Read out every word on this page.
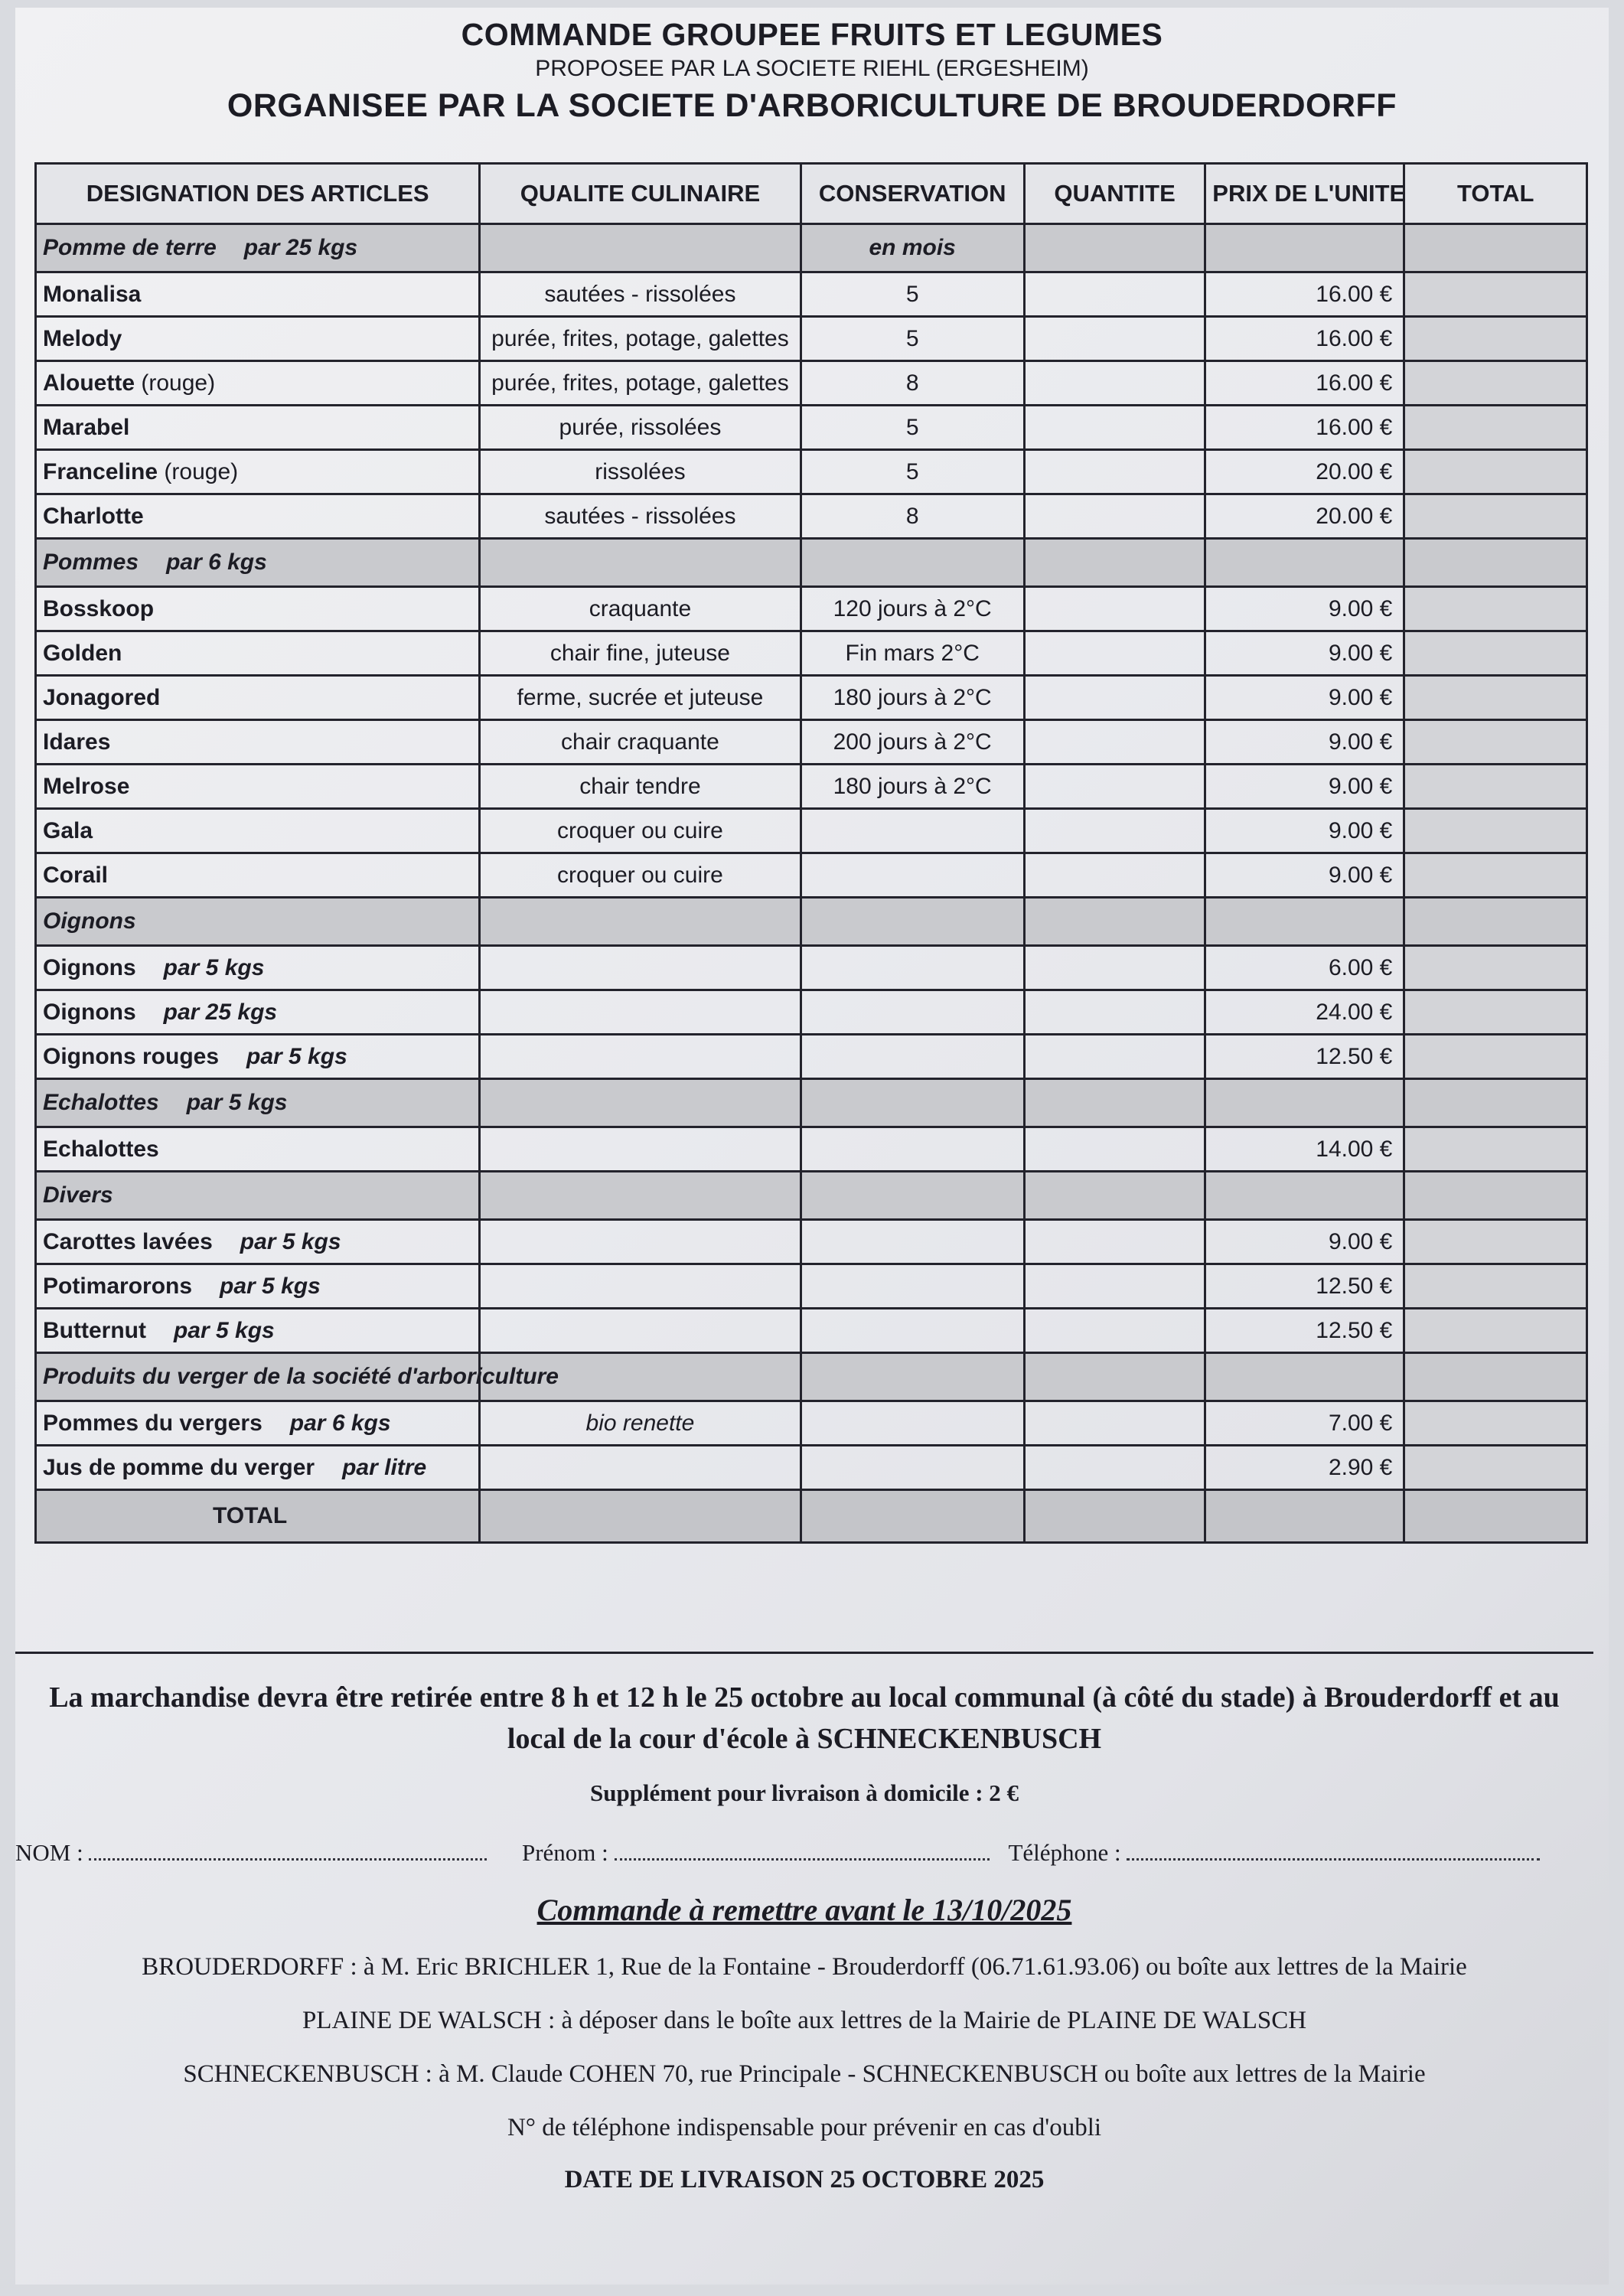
COMMANDE GROUPEE FRUITS ET LEGUMES
PROPOSEE PAR LA SOCIETE RIEHL (ERGESHEIM)
ORGANISEE PAR LA SOCIETE D'ARBORICULTURE DE BROUDERDORFF
DESIGNATION DES ARTICLES	QUALITE CULINAIRE	CONSERVATION	QUANTITE	PRIX DE L'UNITE	TOTAL
Pomme de terre par 25 kgs		en mois			
Monalisa	sautées - rissolées	5		16.00 €	
Melody	purée, frites, potage, galettes	5		16.00 €	
Alouette (rouge)	purée, frites, potage, galettes	8		16.00 €	
Marabel	purée, rissolées	5		16.00 €	
Franceline (rouge)	rissolées	5		20.00 €	
Charlotte	sautées - rissolées	8		20.00 €	
Pommes par 6 kgs					
Bosskoop	craquante	120 jours à 2°C		9.00 €	
Golden	chair fine, juteuse	Fin mars 2°C		9.00 €	
Jonagored	ferme, sucrée et juteuse	180 jours à 2°C		9.00 €	
Idares	chair craquante	200 jours à 2°C		9.00 €	
Melrose	chair tendre	180 jours à 2°C		9.00 €	
Gala	croquer ou cuire			9.00 €	
Corail	croquer ou cuire			9.00 €	
Oignons					
Oignons par 5 kgs				6.00 €	
Oignons par 25 kgs				24.00 €	
Oignons rouges par 5 kgs				12.50 €	
Echalottes par 5 kgs					
Echalottes				14.00 €	
Divers					
Carottes lavées par 5 kgs				9.00 €	
Potimarorons par 5 kgs				12.50 €	
Butternut par 5 kgs				12.50 €	
Produits du verger de la société d'arboriculture					
Pommes du vergers par 6 kgs	bio renette			7.00 €	
Jus de pomme du verger par litre				2.90 €	
TOTAL					
La marchandise devra être retirée entre 8 h et 12 h le 25 octobre au local communal (à côté du stade) à Brouderdorff et au local de la cour d'école à SCHNECKENBUSCH
Supplément pour livraison à domicile : 2 €
NOM :	Prénom :	Téléphone :
Commande à remettre avant le 13/10/2025
BROUDERDORFF : à M. Eric BRICHLER 1, Rue de la Fontaine - Brouderdorff (06.71.61.93.06) ou boîte aux lettres de la Mairie
PLAINE DE WALSCH : à déposer dans le boîte aux lettres de la Mairie de PLAINE DE WALSCH
SCHNECKENBUSCH : à M. Claude COHEN 70, rue Principale - SCHNECKENBUSCH ou boîte aux lettres de la Mairie
N° de téléphone indispensable pour prévenir en cas d'oubli
DATE DE LIVRAISON 25 OCTOBRE 2025
